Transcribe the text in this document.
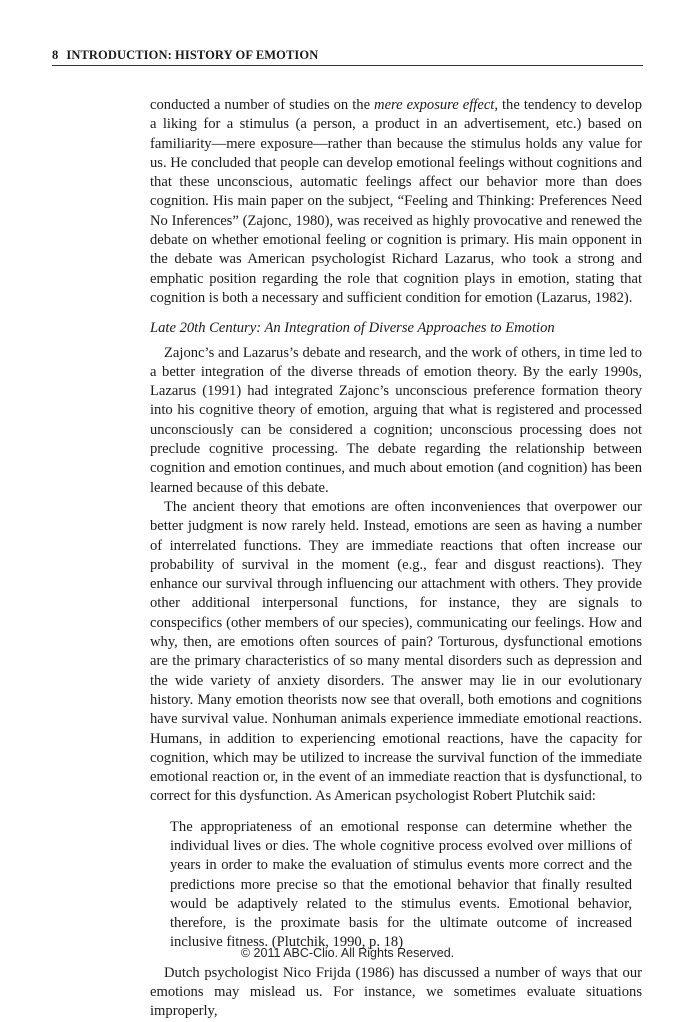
8 INTRODUCTION: HISTORY OF EMOTION

conducted a number of studies on the mere exposure effect, the tendency to develop a liking for a stimulus (a person, a product in an advertisement, etc.) based on familiarity—mere exposure—rather than because the stimulus holds any value for us. He concluded that people can develop emotional feelings without cognitions and that these unconscious, automatic feelings affect our behavior more than does cognition. His main paper on the subject, “Feeling and Thinking: Preferences Need No Inferences” (Zajonc, 1980), was received as highly provocative and renewed the debate on whether emotional feeling or cognition is primary. His main opponent in the debate was American psychologist Richard Lazarus, who took a strong and emphatic position regarding the role that cognition plays in emotion, stating that cognition is both a necessary and sufficient condition for emotion (Lazarus, 1982).

Late 20th Century: An Integration of Diverse Approaches to Emotion

Zajonc’s and Lazarus’s debate and research, and the work of others, in time led to a better integration of the diverse threads of emotion theory. By the early 1990s, Lazarus (1991) had integrated Zajonc’s unconscious preference formation theory into his cognitive theory of emotion, arguing that what is registered and processed unconsciously can be considered a cognition; unconscious processing does not preclude cognitive processing. The debate regarding the relationship between cognition and emotion continues, and much about emotion (and cognition) has been learned because of this debate.

The ancient theory that emotions are often inconveniences that overpower our better judgment is now rarely held. Instead, emotions are seen as having a number of interrelated functions. They are immediate reactions that often increase our probability of survival in the moment (e.g., fear and disgust reactions). They enhance our survival through influencing our attachment with others. They provide other additional interpersonal functions, for instance, they are signals to conspecifics (other members of our species), communicating our feelings. How and why, then, are emotions often sources of pain? Torturous, dysfunctional emotions are the primary characteristics of so many mental disorders such as depression and the wide variety of anxiety disorders. The answer may lie in our evolutionary history. Many emotion theorists now see that overall, both emotions and cognitions have survival value. Nonhuman animals experience immediate emotional reactions. Humans, in addition to experiencing emotional reactions, have the capacity for cognition, which may be utilized to increase the survival function of the immediate emotional reaction or, in the event of an immediate reaction that is dysfunctional, to correct for this dysfunction. As American psychologist Robert Plutchik said:

The appropriateness of an emotional response can determine whether the individual lives or dies. The whole cognitive process evolved over millions of years in order to make the evaluation of stimulus events more correct and the predictions more precise so that the emotional behavior that finally resulted would be adaptively related to the stimulus events. Emotional behavior, therefore, is the proximate basis for the ultimate outcome of increased inclusive fitness. (Plutchik, 1990, p. 18)

Dutch psychologist Nico Frijda (1986) has discussed a number of ways that our emotions may mislead us. For instance, we sometimes evaluate situations improperly,

© 2011 ABC-Clio. All Rights Reserved.
